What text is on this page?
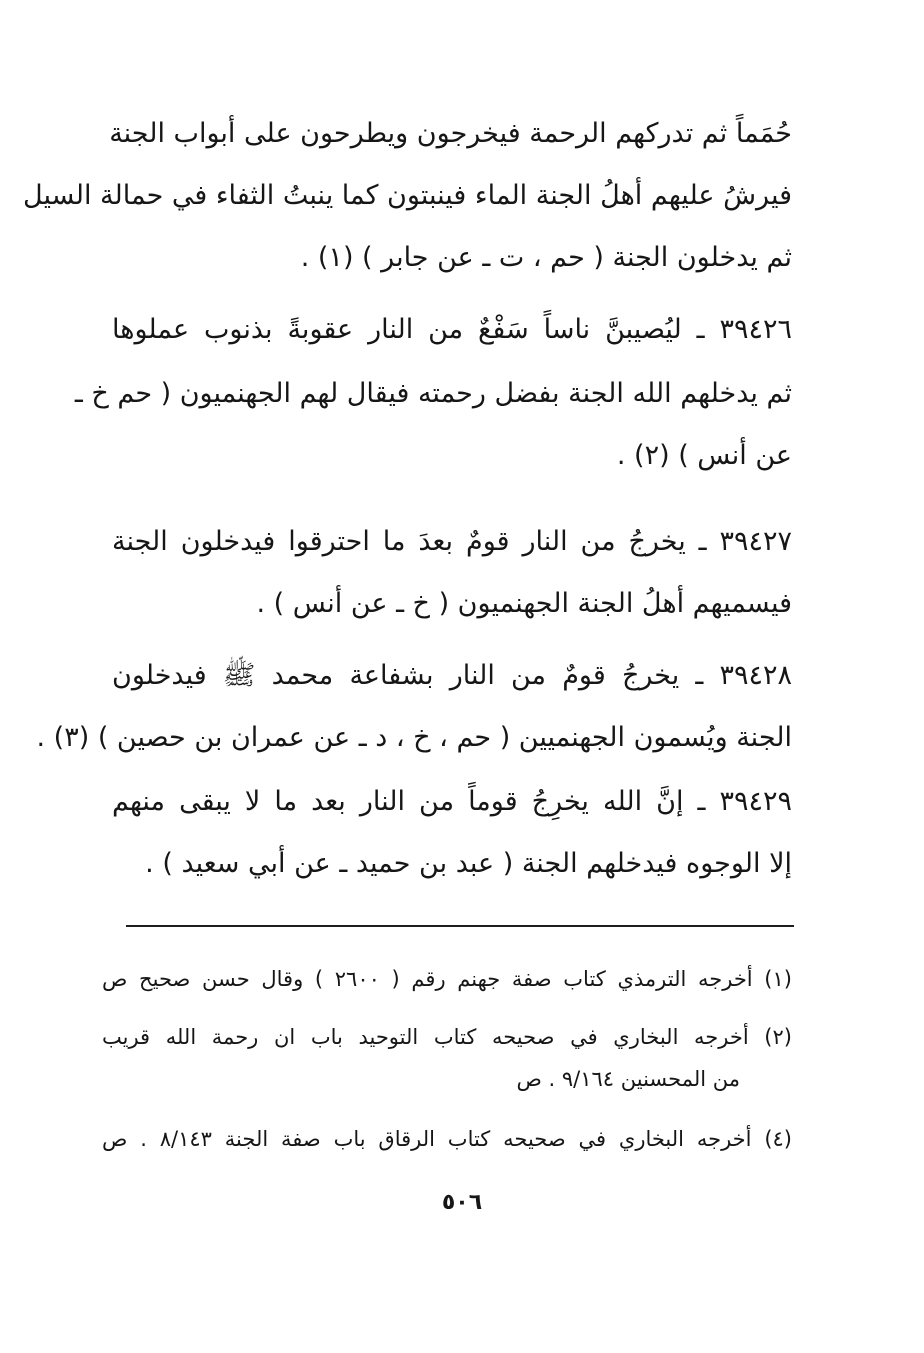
حُمَماً ثم تدركهم الرحمة فيخرجون ويطرحون على أبواب الجنة
فيرشُ عليهم أهلُ الجنة الماء فينبتون كما ينبتُ الثفاء في حمالة السيل
ثم يدخلون الجنة ( حم ، ت ـ عن جابر ) (١) .
٣٩٤٢٦ ـ ليُصيبنَّ ناساً سَفْعٌ من النار عقوبةً بذنوب عملوها
ثم يدخلهم الله الجنة بفضل رحمته فيقال لهم الجهنميون ( حم خ ـ
عن أنس ) (٢) .
٣٩٤٢٧ ـ يخرجُ من النار قومٌ بعدَ ما احترقوا فيدخلون الجنة
فيسميهم أهلُ الجنة الجهنميون ( خ ـ عن أنس ) .
٣٩٤٢٨ ـ يخرجُ قومٌ من النار بشفاعة محمد ﷺ فيدخلون
الجنة ويُسمون الجهنميين ( حم ، خ ، د ـ عن عمران بن حصين ) (٣) .
٣٩٤٢٩ ـ إنَّ الله يخرِجُ قوماً من النار بعد ما لا يبقى منهم
إلا الوجوه فيدخلهم الجنة ( عبد بن حميد ـ عن أبي سعيد ) .
(١) أخرجه الترمذي كتاب صفة جهنم رقم ( ٢٦٠٠ ) وقال حسن صحيح ص
(٢) أخرجه البخاري في صحيحه كتاب التوحيد باب ان رحمة الله قريب
من المحسنين ٩/١٦٤ . ص
(٤) أخرجه البخاري في صحيحه كتاب الرقاق باب صفة الجنة ٨/١٤٣ . ص
٥٠٦
